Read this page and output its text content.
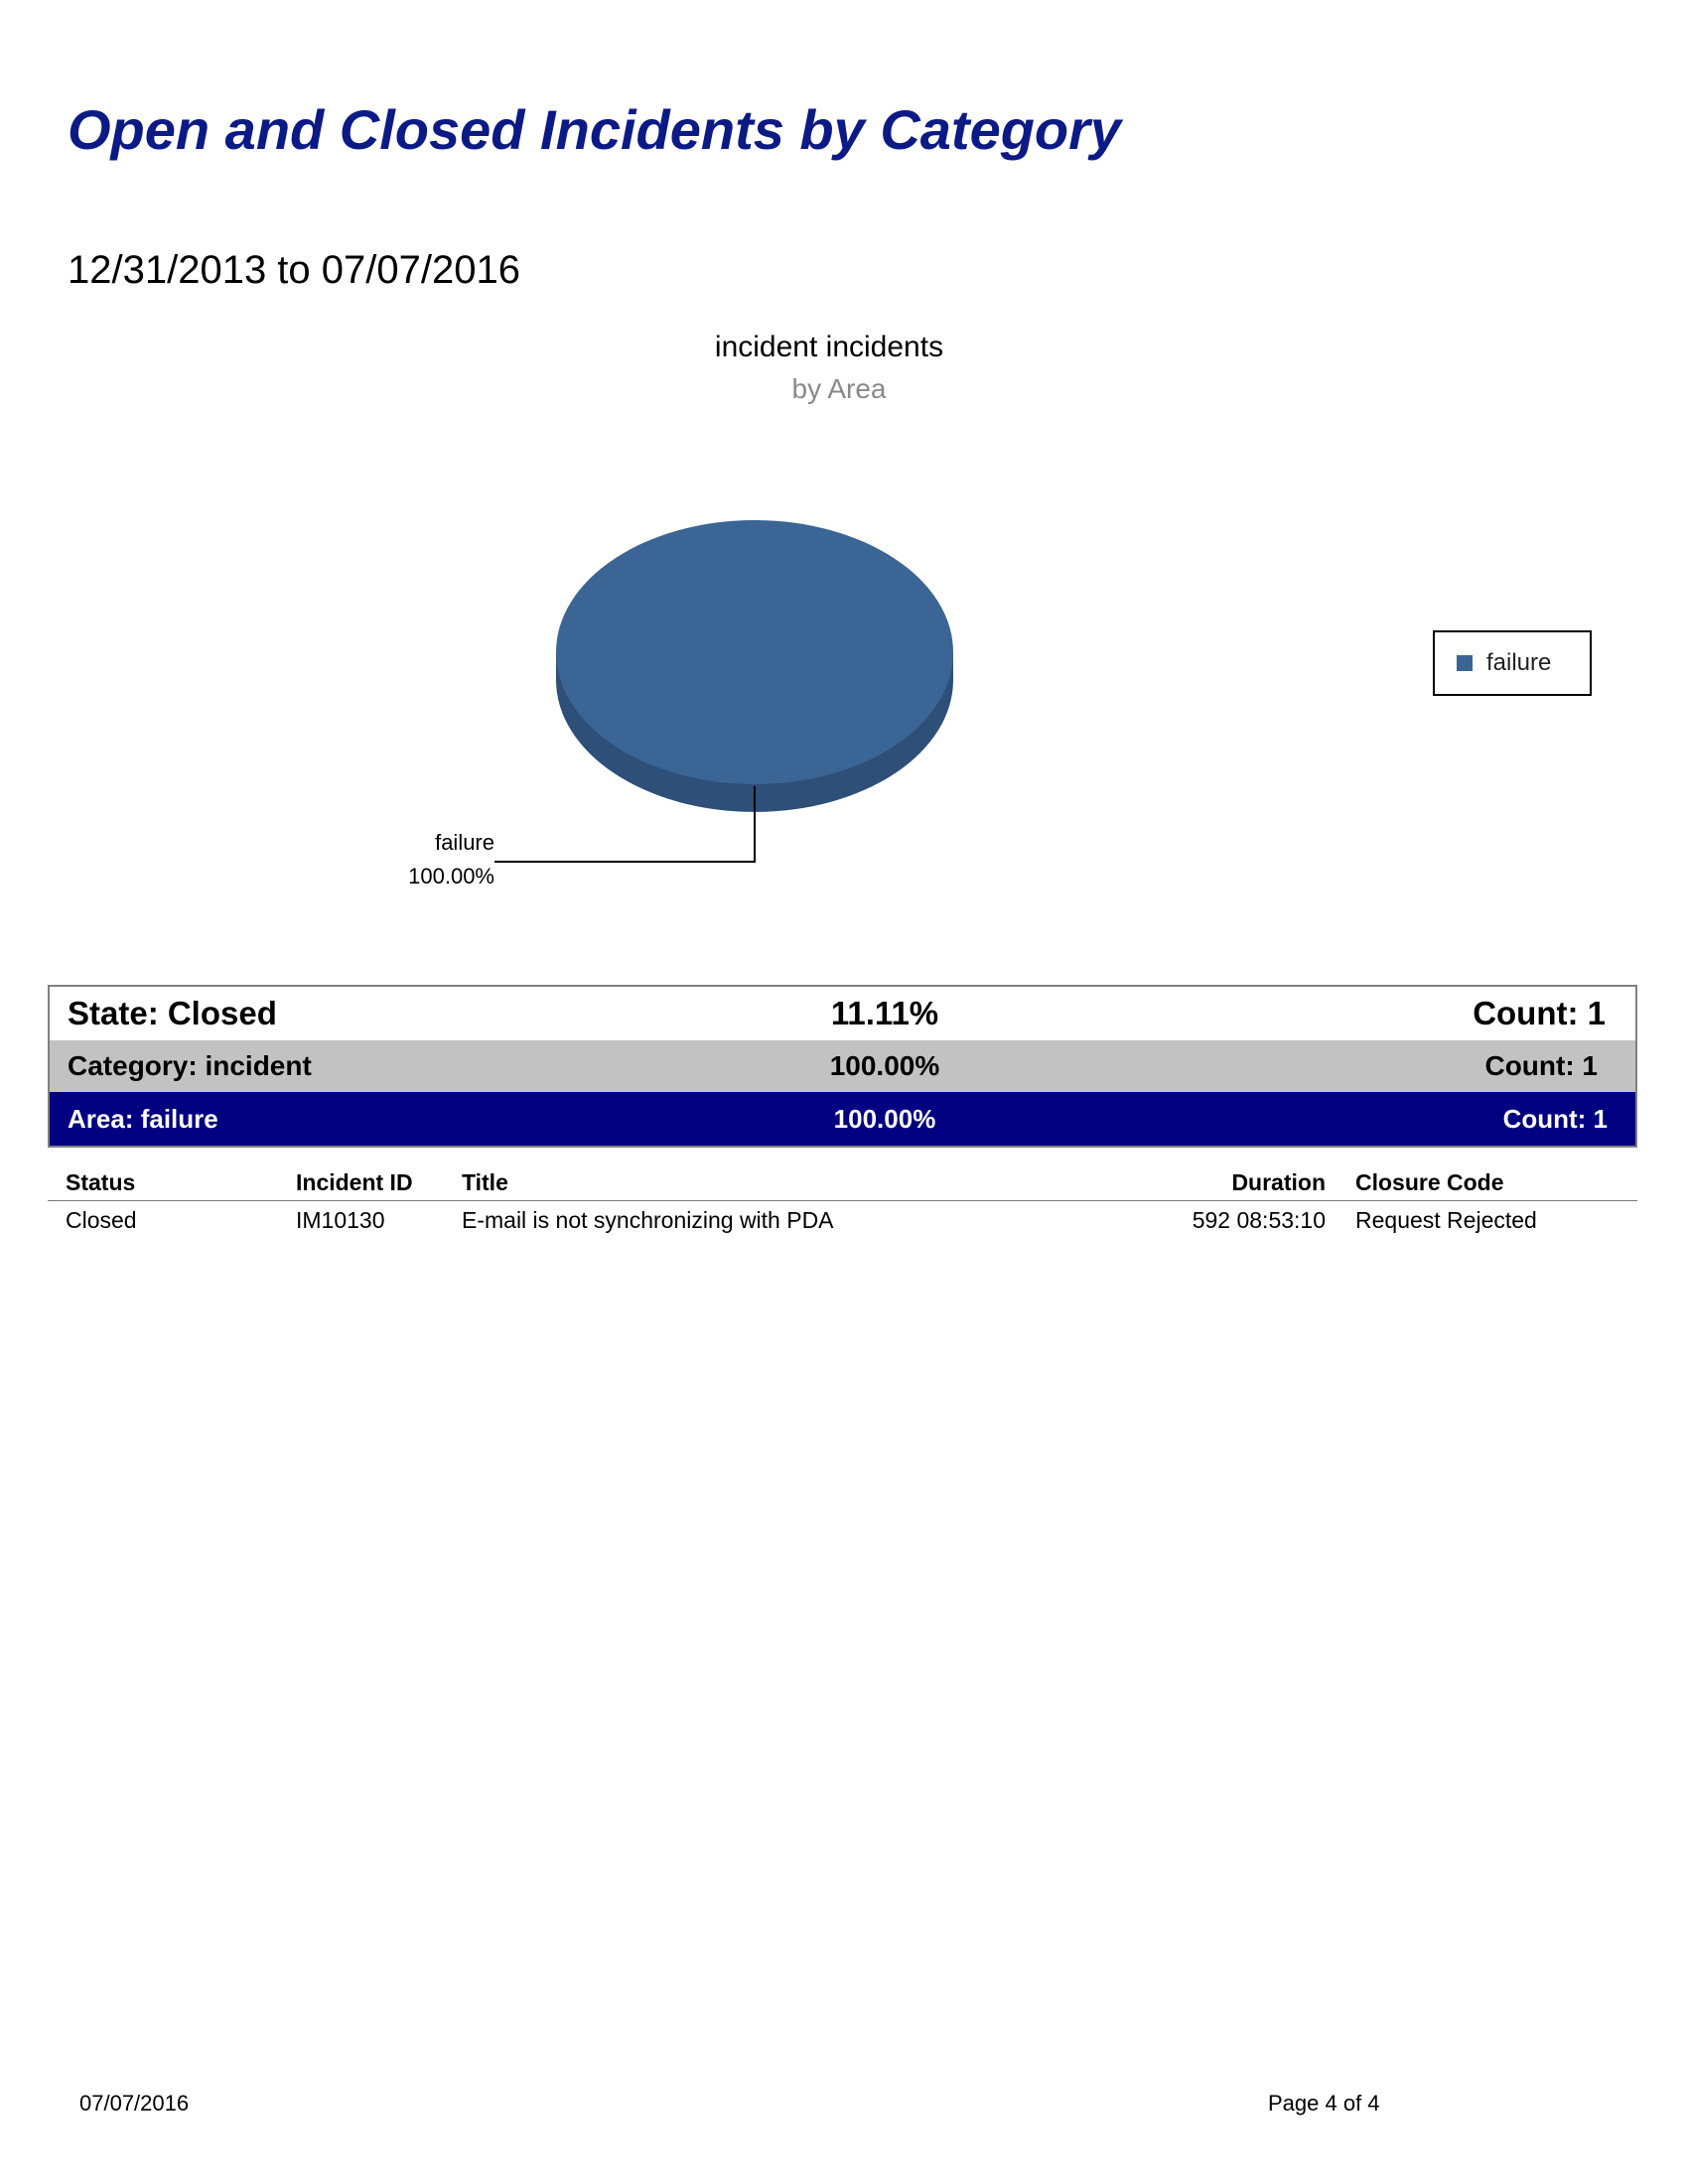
Open and Closed Incidents by Category
12/31/2013 to 07/07/2016
incident incidents
by Area
failure
100.00%
failure
State: Closed	11.11%	Count: 1
Category: incident	100.00%	Count: 1
Area: failure	100.00%	Count: 1
Status	Incident ID	Title	Duration	Closure Code
Closed	IM10130	E-mail is not synchronizing with PDA	592 08:53:10	Request Rejected
07/07/2016	Page 4 of 4
